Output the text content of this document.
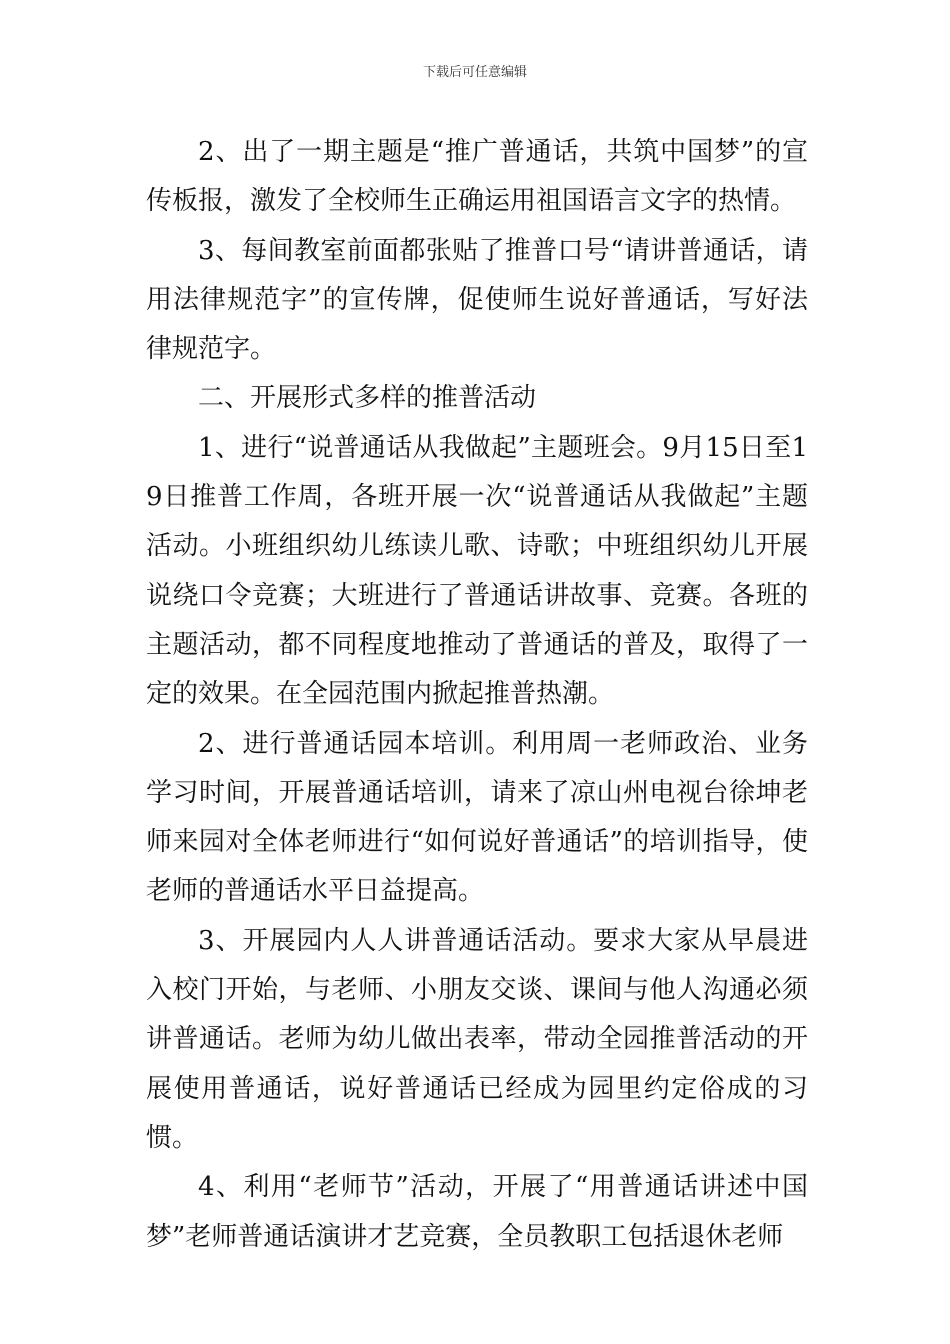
下载后可任意编辑

2、出了一期主题是“推广普通话，共筑中国梦”的宣传板报，激发了全校师生正确运用祖国语言文字的热情。

3、每间教室前面都张贴了推普口号“请讲普通话，请用法律规范字”的宣传牌，促使师生说好普通话，写好法律规范字。

二、开展形式多样的推普活动

1、进行“说普通话从我做起”主题班会。9月15日至19日推普工作周，各班开展一次“说普通话从我做起”主题活动。小班组织幼儿练读儿歌、诗歌；中班组织幼儿开展说绕口令竞赛；大班进行了普通话讲故事、竞赛。各班的主题活动，都不同程度地推动了普通话的普及，取得了一定的效果。在全园范围内掀起推普热潮。

2、进行普通话园本培训。利用周一老师政治、业务学习时间，开展普通话培训，请来了凉山州电视台徐坤老师来园对全体老师进行“如何说好普通话”的培训指导，使老师的普通话水平日益提高。

3、开展园内人人讲普通话活动。要求大家从早晨进入校门开始，与老师、小朋友交谈、课间与他人沟通必须讲普通话。老师为幼儿做出表率，带动全园推普活动的开展使用普通话，说好普通话已经成为园里约定俗成的习惯。

4、利用“老师节”活动，开展了“用普通话讲述中国梦”老师普通话演讲才艺竞赛，全员教职工包括退休老师
